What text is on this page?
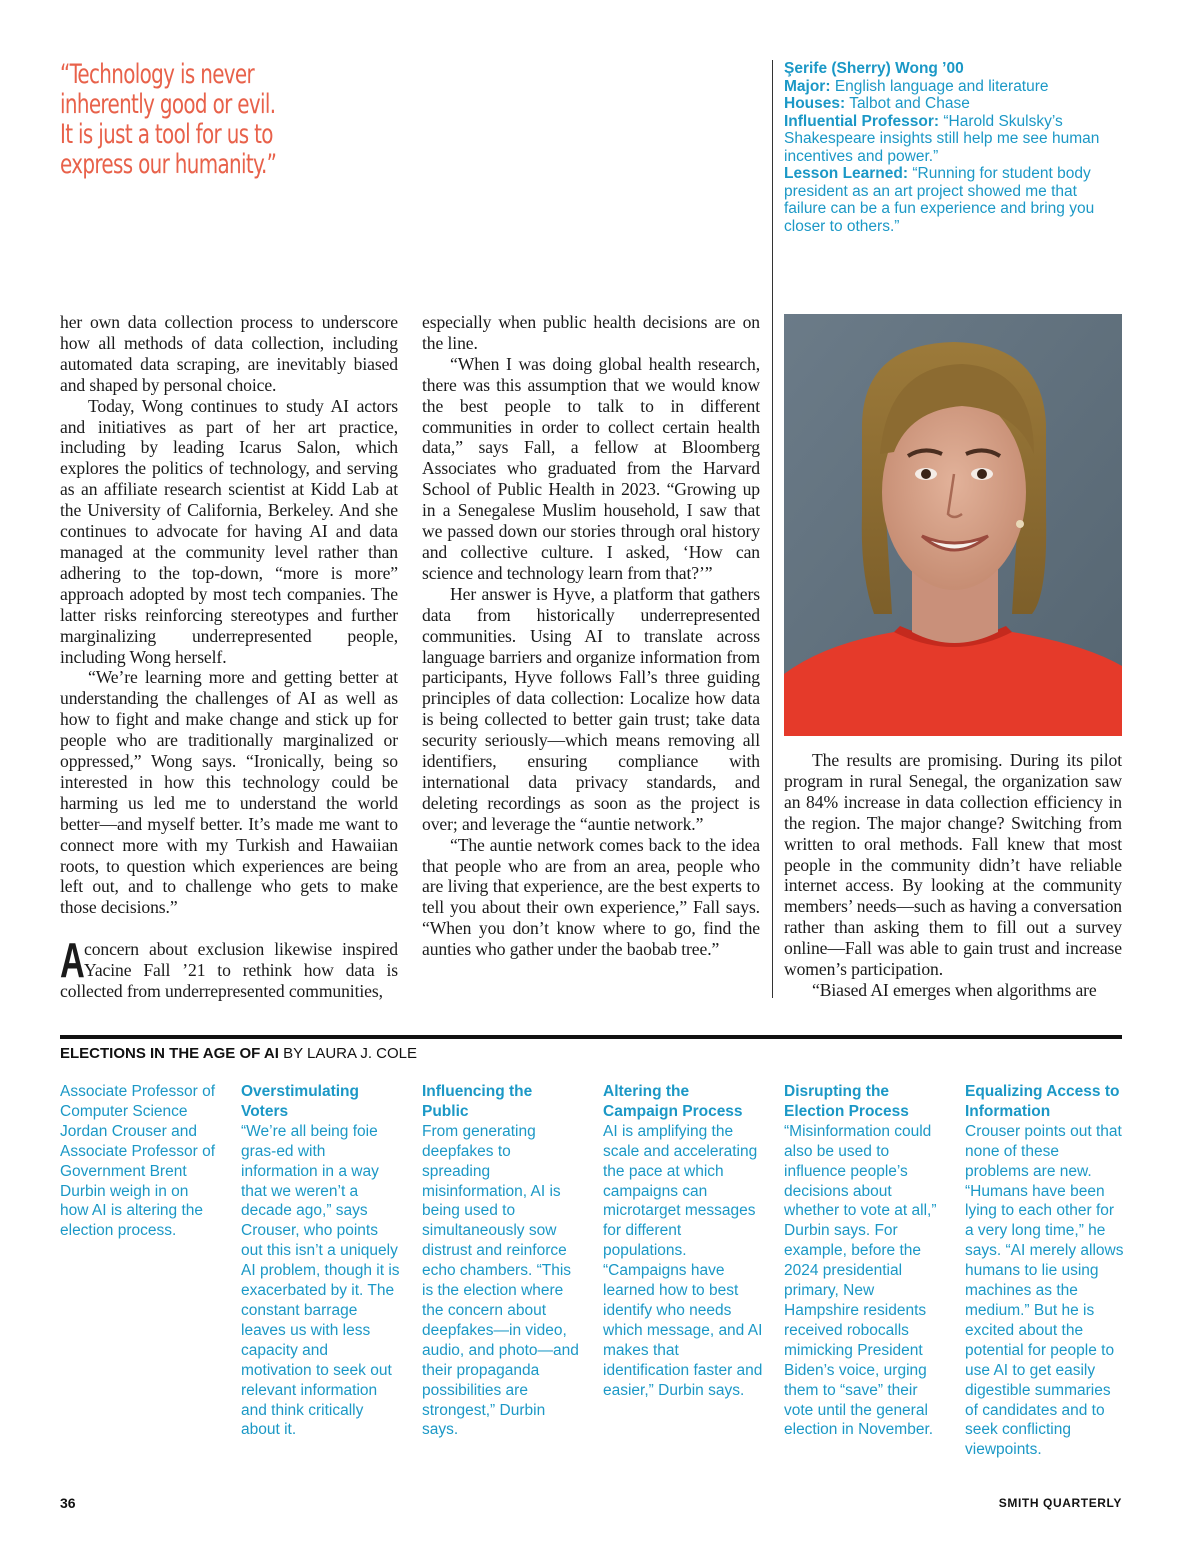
“Technology is never inherently good or evil. It is just a tool for us to express our humanity.”
Şerife (Sherry) Wong ’00
Major: English language and literature
Houses: Talbot and Chase
Influential Professor: “Harold Skulsky’s Shakespeare insights still help me see human incentives and power.”
Lesson Learned: “Running for student body president as an art project showed me that failure can be a fun experience and bring you closer to others.”

her own data collection process to underscore how all methods of data collection, including automated data scraping, are inevitably biased and shaped by personal choice.

Today, Wong continues to study AI actors and initiatives as part of her art practice, including by leading Icarus Salon, which explores the politics of technology, and serving as an affiliate research scientist at Kidd Lab at the University of California, Berkeley. And she continues to advocate for having AI and data managed at the community level rather than adhering to the top-down, “more is more” approach adopted by most tech companies. The latter risks reinforcing stereotypes and further marginalizing underrepresented people, including Wong herself.

“We’re learning more and getting better at understanding the challenges of AI as well as how to fight and make change and stick up for people who are traditionally marginalized or oppressed,” Wong says. “Ironically, being so interested in how this technology could be harming us led me to understand the world better—and myself better. It’s made me want to connect more with my Turkish and Hawaiian roots, to question which experiences are being left out, and to challenge who gets to make those decisions.”

Aconcern about exclusion likewise inspired Yacine Fall ’21 to rethink how data is collected from underrepresented communities,

especially when public health decisions are on the line.

“When I was doing global health research, there was this assumption that we would know the best people to talk to in different communities in order to collect certain health data,” says Fall, a fellow at Bloomberg Associates who graduated from the Harvard School of Public Health in 2023. “Growing up in a Senegalese Muslim household, I saw that we passed down our stories through oral history and collective culture. I asked, ‘How can science and technology learn from that?’”

Her answer is Hyve, a platform that gathers data from historically underrepresented communities. Using AI to translate across language barriers and organize information from participants, Hyve follows Fall’s three guiding principles of data collection: Localize how data is being collected to better gain trust; take data security seriously—which means removing all identifiers, ensuring compliance with international data privacy standards, and deleting recordings as soon as the project is over; and leverage the “auntie network.”

“The auntie network comes back to the idea that people who are from an area, people who are living that experience, are the best experts to tell you about their own experience,” Fall says. “When you don’t know where to go, find the aunties who gather under the baobab tree.”

The results are promising. During its pilot program in rural Senegal, the organization saw an 84% increase in data collection efficiency in the region. The major change? Switching from written to oral methods. Fall knew that most people in the community didn’t have reliable internet access. By looking at the community members’ needs—such as having a conversation rather than asking them to fill out a survey online—Fall was able to gain trust and increase women’s participation.

“Biased AI emerges when algorithms are

ELECTIONS IN THE AGE OF AI BY LAURA J. COLE
Associate Professor of Computer Science Jordan Crouser and Associate Professor of Government Brent Durbin weigh in on how AI is altering the election process.
Overstimulating Voters
“We’re all being foie gras-ed with information in a way that we weren’t a decade ago,” says Crouser, who points out this isn’t a uniquely AI problem, though it is exacerbated by it. The constant barrage leaves us with less capacity and motivation to seek out relevant information and think critically about it.
Influencing the Public
From generating deepfakes to spreading misinformation, AI is being used to simultaneously sow distrust and reinforce echo chambers. “This is the election where the concern about deepfakes—in video, audio, and photo—and their propaganda possibilities are strongest,” Durbin says.
Altering the Campaign Process
AI is amplifying the scale and accelerating the pace at which campaigns can microtarget messages for different populations. “Campaigns have learned how to best identify who needs which message, and AI makes that identification faster and easier,” Durbin says.
Disrupting the Election Process
“Misinformation could also be used to influence people’s decisions about whether to vote at all,” Durbin says. For example, before the 2024 presidential primary, New Hampshire residents received robocalls mimicking President Biden’s voice, urging them to “save” their vote until the general election in November.
Equalizing Access to Information
Crouser points out that none of these problems are new. “Humans have been lying to each other for a very long time,” he says. “AI merely allows humans to lie using machines as the medium.” But he is excited about the potential for people to use AI to get easily digestible summaries of candidates and to seek conflicting viewpoints.
36	SMITH QUARTERLY
